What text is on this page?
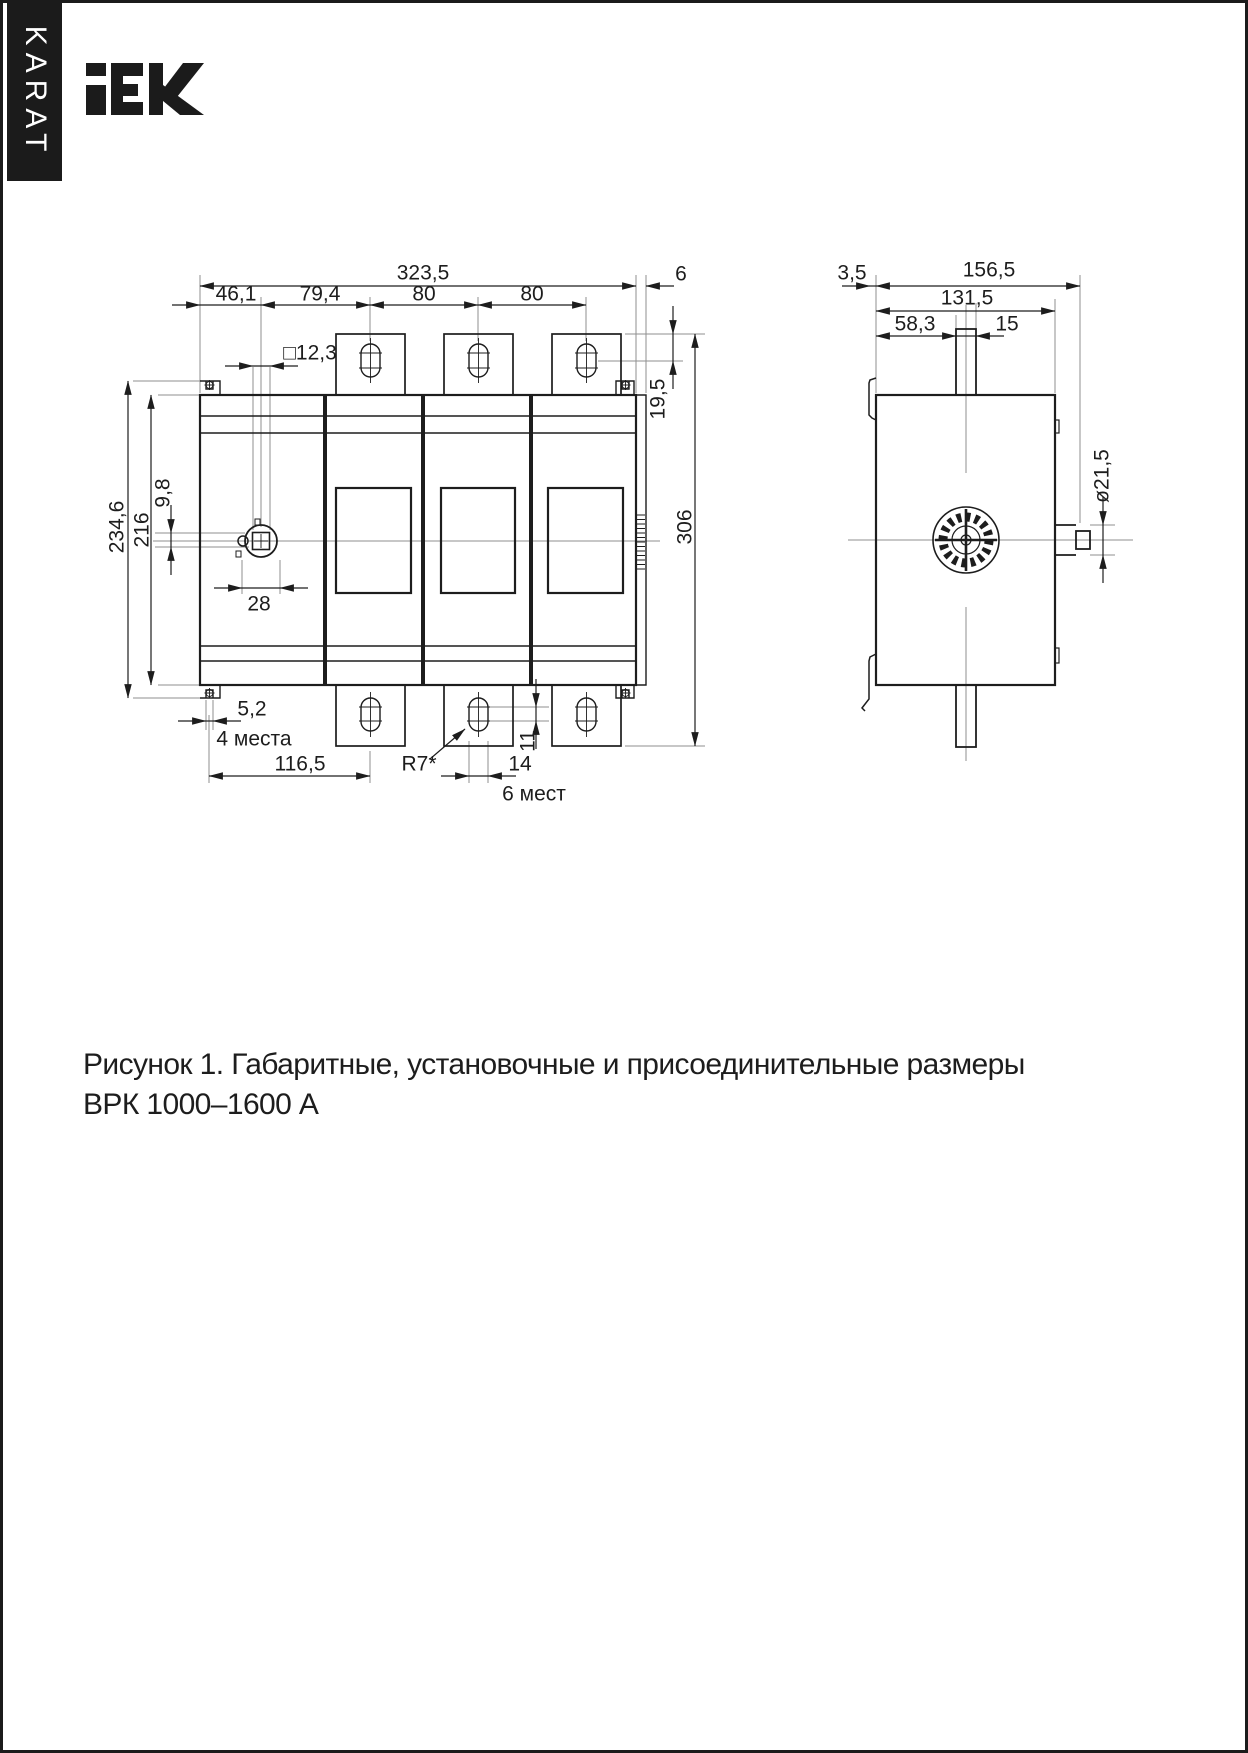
KARAT
323,5
46,1 79,4	80	80
6
□12,3
19,5
306
234,6 216
9,8
28
5,2
4 места
116,5	R7*	14
6 мест
11
3,5	156,5
131,5
58,3	15
ø21,5
Рисунок 1. Габаритные, установочные и присоединительные размеры
ВРК 1000–1600 А
